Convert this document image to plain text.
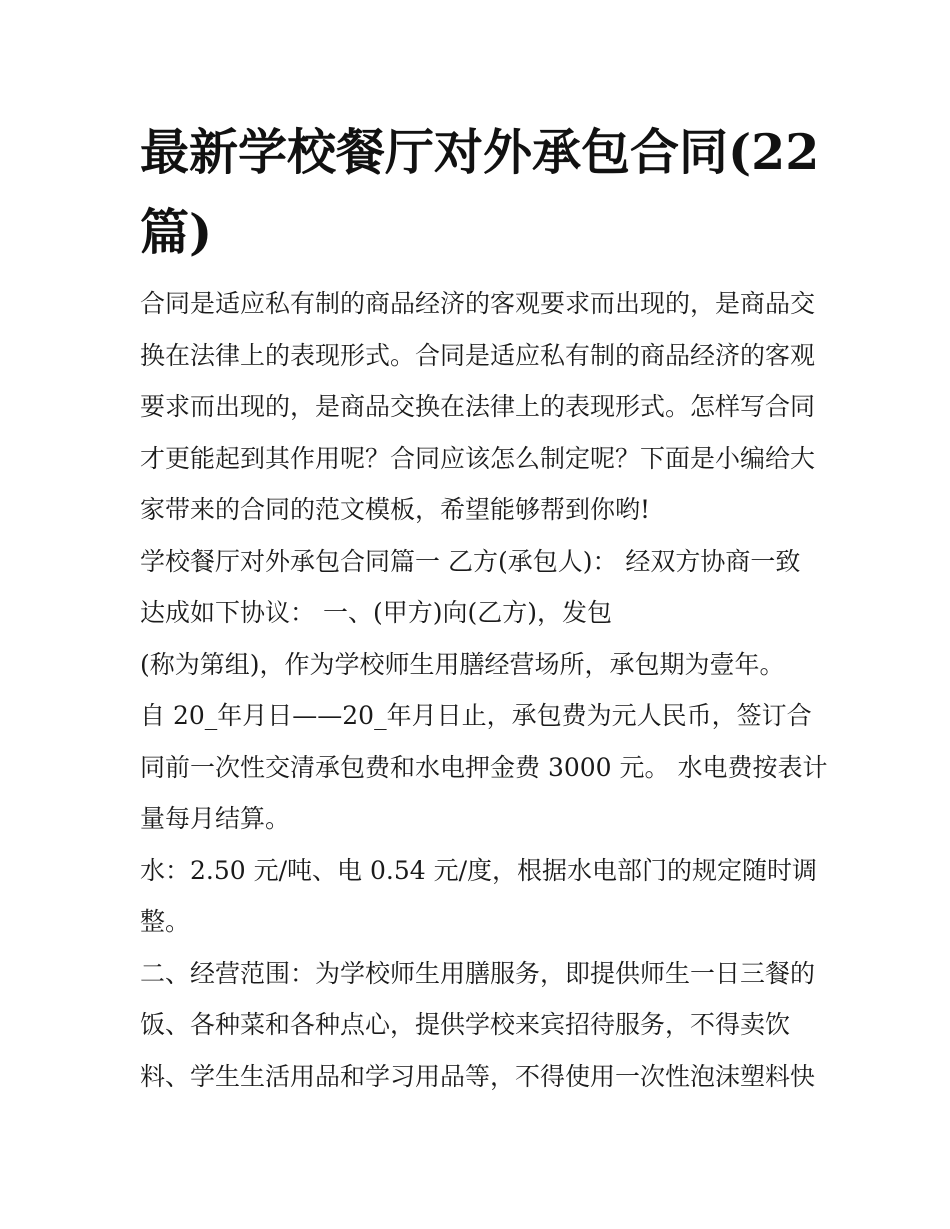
最新学校餐厅对外承包合同(22
篇)
合同是适应私有制的商品经济的客观要求而出现的，是商品交
换在法律上的表现形式。合同是适应私有制的商品经济的客观
要求而出现的，是商品交换在法律上的表现形式。怎样写合同
才更能起到其作用呢？合同应该怎么制定呢？下面是小编给大
家带来的合同的范文模板，希望能够帮到你哟!
学校餐厅对外承包合同篇一 乙方(承包人)： 经双方协商一致
达成如下协议： 一、(甲方)向(乙方)，发包
(称为第组)，作为学校师生用膳经营场所，承包期为壹年。
自 20_年月日——20_年月日止，承包费为元人民币，签订合
同前一次性交清承包费和水电押金费 3000 元。 水电费按表计
量每月结算。
水：2.50 元/吨、电 0.54 元/度，根据水电部门的规定随时调
整。
二、经营范围：为学校师生用膳服务，即提供师生一日三餐的
饭、各种菜和各种点心，提供学校来宾招待服务，不得卖饮
料、学生生活用品和学习用品等，不得使用一次性泡沫塑料快
